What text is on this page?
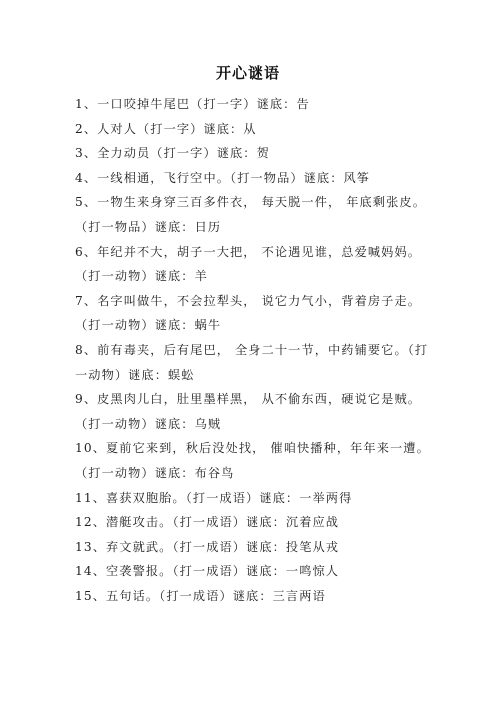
开心谜语
1、一口咬掉牛尾巴（打一字）谜底：告
2、人对人（打一字）谜底：从
3、全力动员（打一字）谜底：贺
4、一线相通，飞行空中。（打一物品）谜底：风筝
5、一物生来身穿三百多件衣， 每天脱一件， 年底剩张皮。（打一物品）谜底：日历
6、年纪并不大，胡子一大把， 不论遇见谁，总爱喊妈妈。（打一动物）谜底：羊
7、名字叫做牛，不会拉犁头， 说它力气小，背着房子走。（打一动物）谜底：蜗牛
8、前有毒夹，后有尾巴， 全身二十一节，中药铺要它。（打一动物）谜底：蜈蚣
9、皮黑肉儿白，肚里墨样黑， 从不偷东西，硬说它是贼。（打一动物）谜底：乌贼
10、夏前它来到，秋后没处找， 催咱快播种，年年来一遭。（打一动物）谜底：布谷鸟
11、喜获双胞胎。（打一成语）谜底：一举两得
12、潜艇攻击。（打一成语）谜底：沉着应战
13、弃文就武。（打一成语）谜底：投笔从戎
14、空袭警报。（打一成语）谜底：一鸣惊人
15、五句话。（打一成语）谜底：三言两语
